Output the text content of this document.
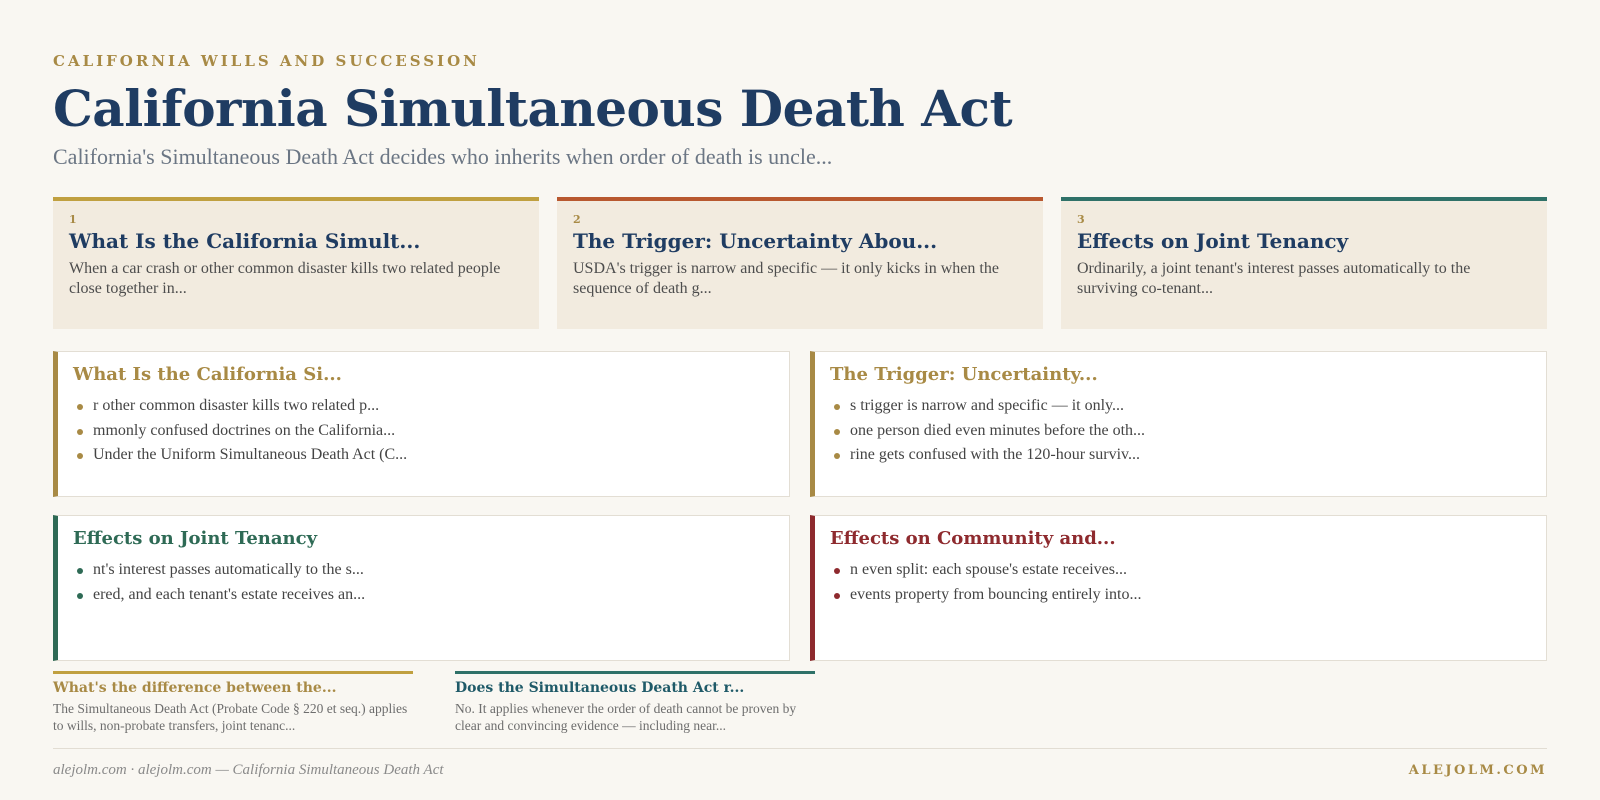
CALIFORNIA WILLS AND SUCCESSION
California Simultaneous Death Act
California's Simultaneous Death Act decides who inherits when order of death is uncle...
1
What Is the California Simult...
When a car crash or other common disaster kills two related people close together in...
2
The Trigger: Uncertainty Abou...
USDA's trigger is narrow and specific — it only kicks in when the sequence of death g...
3
Effects on Joint Tenancy
Ordinarily, a joint tenant's interest passes automatically to the surviving co-tenant...
What Is the California Si...
r other common disaster kills two related p...
mmonly confused doctrines on the California...
Under the Uniform Simultaneous Death Act (C...
The Trigger: Uncertainty...
s trigger is narrow and specific — it only...
one person died even minutes before the oth...
rine gets confused with the 120-hour surviv...
Effects on Joint Tenancy
nt's interest passes automatically to the s...
ered, and each tenant's estate receives an...
Effects on Community and...
n even split: each spouse's estate receives...
events property from bouncing entirely into...
What's the difference between the...
The Simultaneous Death Act (Probate Code § 220 et seq.) applies to wills, non-probate transfers, joint tenanc...
Does the Simultaneous Death Act r...
No. It applies whenever the order of death cannot be proven by clear and convincing evidence — including near...
alejolm.com · alejolm.com — California Simultaneous Death Act	ALEJOLM.COM
